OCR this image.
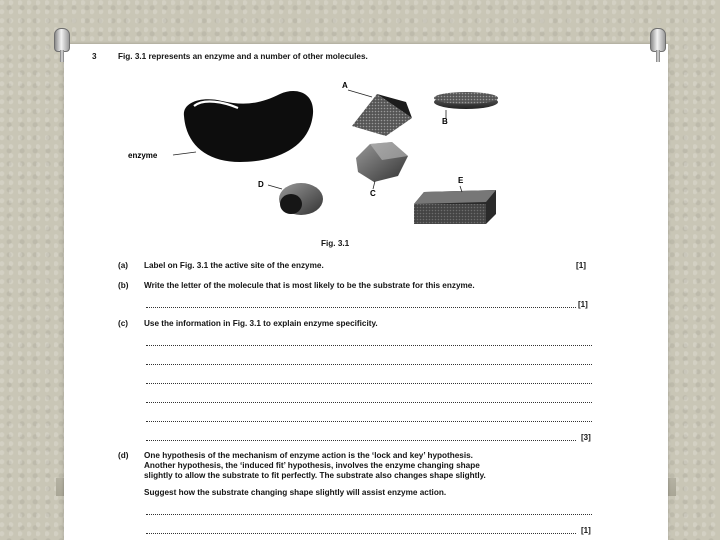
3	Fig. 3.1 represents an enzyme and a number of other molecules.
A
B
C
D	E
enzyme
Fig. 3.1
(a) Label on Fig. 3.1 the active site of the enzyme.	[1]
(b) Write the letter of the molecule that is most likely to be the substrate for this enzyme.
[1]
(c) Use the information in Fig. 3.1 to explain enzyme specificity.
[3]
(d) One hypothesis of the mechanism of enzyme action is the ‘lock and key’ hypothesis.
Another hypothesis, the ‘induced fit’ hypothesis, involves the enzyme changing shape
slightly to allow the substrate to fit perfectly. The substrate also changes shape slightly.
Suggest how the substrate changing shape slightly will assist enzyme action.
[1]
